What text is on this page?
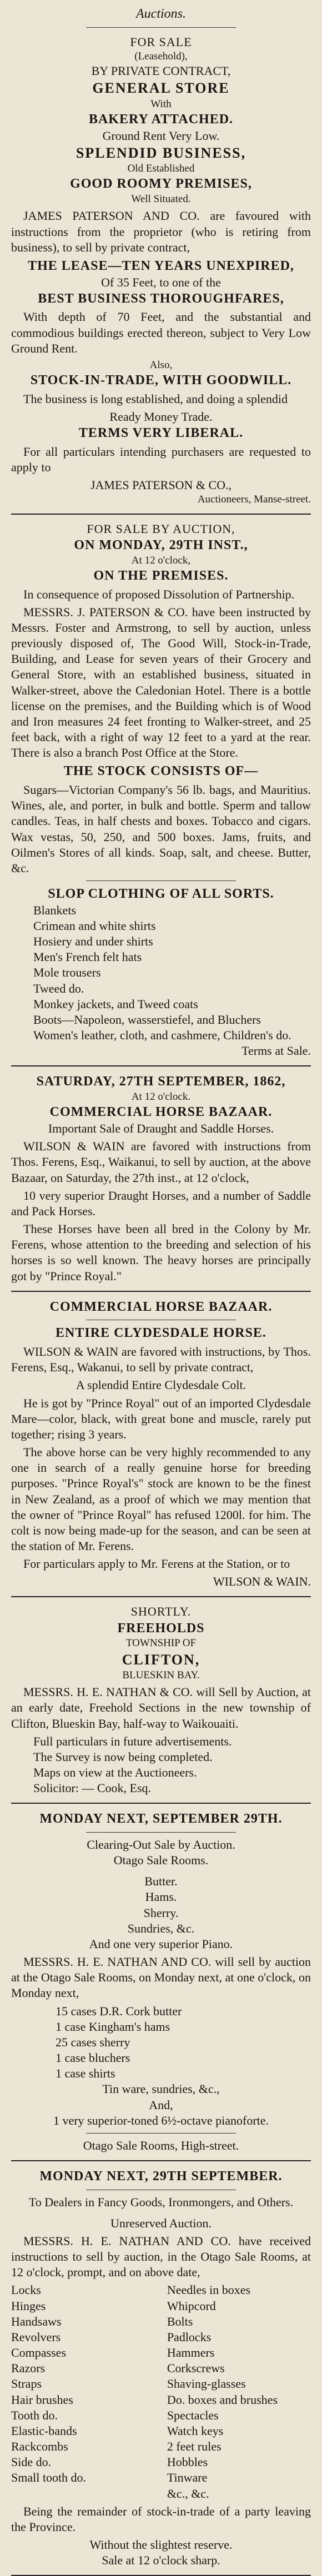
Auctions.
FOR SALE
(Leasehold),
BY PRIVATE CONTRACT,
GENERAL STORE
With
BAKERY ATTACHED.
Ground Rent Very Low.
SPLENDID BUSINESS,
Old Established
GOOD ROOMY PREMISES,
Well Situated.

JAMES PATERSON AND CO. are favoured with instructions from the proprietor (who is retiring from business), to sell by private contract,

THE LEASE—TEN YEARS UNEXPIRED,
Of 35 Feet, to one of the
BEST BUSINESS THOROUGHFARES,

With depth of 70 Feet, and the substantial and commodious buildings erected thereon, subject to Very Low Ground Rent.

Also,
STOCK-IN-TRADE, WITH GOODWILL.

The business is long established, and doing a splendid

Ready Money Trade.
TERMS VERY LIBERAL.

For all particulars intending purchasers are requested to apply to

JAMES PATERSON & CO.,
Auctioneers, Manse-street.
FOR SALE BY AUCTION,
ON MONDAY, 29TH INST.,
At 12 o'clock,
ON THE PREMISES.

In consequence of proposed Dissolution of Partnership.

MESSRS. J. PATERSON & CO. have been instructed by Messrs. Foster and Armstrong, to sell by auction, unless previously disposed of, The Good Will, Stock-in-Trade, Building, and Lease for seven years of their Grocery and General Store, with an established business, situated in Walker-street, above the Caledonian Hotel. There is a bottle license on the premises, and the Building which is of Wood and Iron measures 24 feet fronting to Walker-street, and 25 feet back, with a right of way 12 feet to a yard at the rear. There is also a branch Post Office at the Store.

THE STOCK CONSISTS OF—

Sugars—Victorian Company's 56 lb. bags, and Mauritius. Wines, ale, and porter, in bulk and bottle. Sperm and tallow candles. Teas, in half chests and boxes. Tobacco and cigars. Wax vestas, 50, 250, and 500 boxes. Jams, fruits, and Oilmen's Stores of all kinds. Soap, salt, and cheese. Butter, &c.

SLOP CLOTHING OF ALL SORTS.
Blankets
Crimean and white shirts
Hosiery and under shirts
Men's French felt hats
Mole trousers
Tweed do.
Monkey jackets, and Tweed coats
Boots—Napoleon, wasserstiefel, and Bluchers
Women's leather, cloth, and cashmere, Children's do.
Terms at Sale.
SATURDAY, 27TH SEPTEMBER, 1862,
At 12 o'clock.
COMMERCIAL HORSE BAZAAR.
Important Sale of Draught and Saddle Horses.

WILSON & WAIN are favored with instructions from Thos. Ferens, Esq., Waikanui, to sell by auction, at the above Bazaar, on Saturday, the 27th inst., at 12 o'clock,

10 very superior Draught Horses, and a number of Saddle and Pack Horses.

These Horses have been all bred in the Colony by Mr. Ferens, whose attention to the breeding and selection of his horses is so well known. The heavy horses are principally got by "Prince Royal."

COMMERCIAL HORSE BAZAAR.
ENTIRE CLYDESDALE HORSE.

WILSON & WAIN are favored with instructions, by Thos. Ferens, Esq., Wakanui, to sell by private contract,

A splendid Entire Clydesdale Colt.

He is got by "Prince Royal" out of an imported Clydesdale Mare—color, black, with great bone and muscle, rarely put together; rising 3 years.

The above horse can be very highly recommended to any one in search of a really genuine horse for breeding purposes. "Prince Royal's" stock are known to be the finest in New Zealand, as a proof of which we may mention that the owner of "Prince Royal" has refused 1200l. for him. The colt is now being made-up for the season, and can be seen at the station of Mr. Ferens.

For particulars apply to Mr. Ferens at the Station, or to

WILSON & WAIN.
SHORTLY.
FREEHOLDS
TOWNSHIP OF
CLIFTON,
BLUESKIN BAY.

MESSRS. H. E. NATHAN & CO. will Sell by Auction, at an early date, Freehold Sections in the new township of Clifton, Blueskin Bay, half-way to Waikouaiti.

Full particulars in future advertisements.
The Survey is now being completed.
Maps on view at the Auctioneers.
Solicitor: — Cook, Esq.
MONDAY NEXT, SEPTEMBER 29TH.
Clearing-Out Sale by Auction.
Otago Sale Rooms.
Butter.
Hams.
Sherry.
Sundries, &c.
And one very superior Piano.

MESSRS. H. E. NATHAN AND CO. will sell by auction at the Otago Sale Rooms, on Monday next, at one o'clock, on Monday next,

15 cases D.R. Cork butter
1 case Kingham's hams
25 cases sherry
1 case bluchers
1 case shirts
Tin ware, sundries, &c.,
And,
1 very superior-toned 6½-octave pianoforte.
Otago Sale Rooms, High-street.
MONDAY NEXT, 29TH SEPTEMBER.
To Dealers in Fancy Goods, Ironmongers, and Others.
Unreserved Auction.

MESSRS. H. E. NATHAN AND CO. have received instructions to sell by auction, in the Otago Sale Rooms, at 12 o'clock, prompt, and on above date,

Locks
Hinges
Handsaws
Revolvers
Compasses
Razors
Straps
Hair brushes
Tooth do.
Elastic-bands
Rackcombs
Side do.
Small tooth do.
Needles in boxes
Whipcord
Bolts
Padlocks
Hammers
Corkscrews
Shaving-glasses
Do. boxes and brushes
Spectacles
Watch keys
2 feet rules
Hobbles
Tinware
&c., &c.

Being the remainder of stock-in-trade of a party leaving the Province.

Without the slightest reserve.
Sale at 12 o'clock sharp.
